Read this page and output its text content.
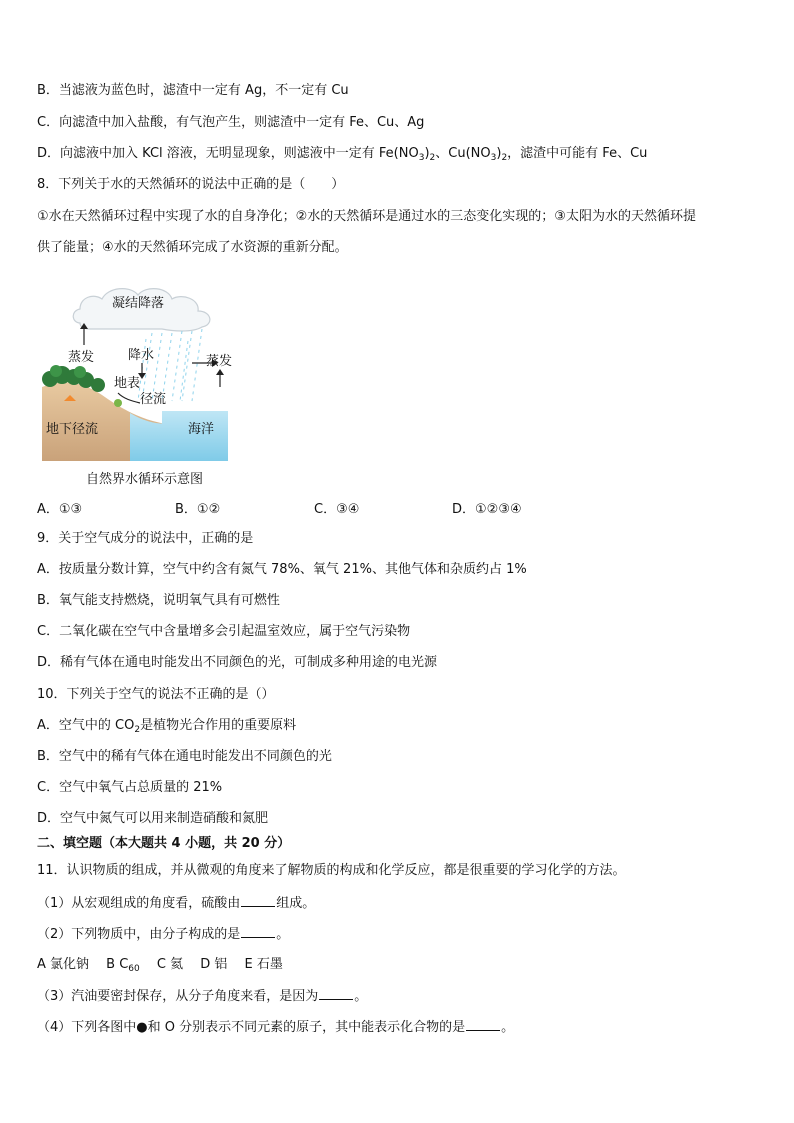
B．当滤液为蓝色时，滤渣中一定有 Ag，不一定有 Cu
C．向滤渣中加入盐酸，有气泡产生，则滤渣中一定有 Fe、Cu、Ag
D．向滤液中加入 KCl 溶液，无明显现象，则滤液中一定有 $Fe(NO_3)_2$、$Cu(NO_3)_2$，滤渣中可能有 Fe、Cu
8．下列关于水的天然循环的说法中正确的是（　　）
①水在天然循环过程中实现了水的自身净化；②水的天然循环是通过水的三态变化实现的；③太阳为水的天然循环提
供了能量；④水的天然循环完成了水资源的重新分配。
凝结降落
蒸发	降水	蒸发
地表
径流
地下径流	海洋
自然界水循环示意图
A．①③	B．①②	C．③④	D．①②③④
9．关于空气成分的说法中，正确的是
A．按质量分数计算，空气中约含有氮气 78%、氧气 21%、其他气体和杂质约占 1%
B．氧气能支持燃烧，说明氧气具有可燃性
C．二氧化碳在空气中含量增多会引起温室效应，属于空气污染物
D．稀有气体在通电时能发出不同颜色的光，可制成多种用途的电光源
10．下列关于空气的说法不正确的是（）
A．空气中的 $CO_2$是植物光合作用的重要原料
B．空气中的稀有气体在通电时能发出不同颜色的光
C．空气中氧气占总质量的 21%
D．空气中氮气可以用来制造硝酸和氮肥
二、填空题（本大题共 4 小题，共 20 分）
11．认识物质的组成，并从微观的角度来了解物质的构成和化学反应，都是很重要的学习化学的方法。
（1）从宏观组成的角度看，硫酸由	组成。
（2）下列物质中，由分子构成的是	。
A 氯化钠　 B $C_{60}$　 C 氦　 D 铝　 E 石墨
（3）汽油要密封保存，从分子角度来看，是因为	。
（4）下列各图中●和 O 分别表示不同元素的原子，其中能表示化合物的是	。
